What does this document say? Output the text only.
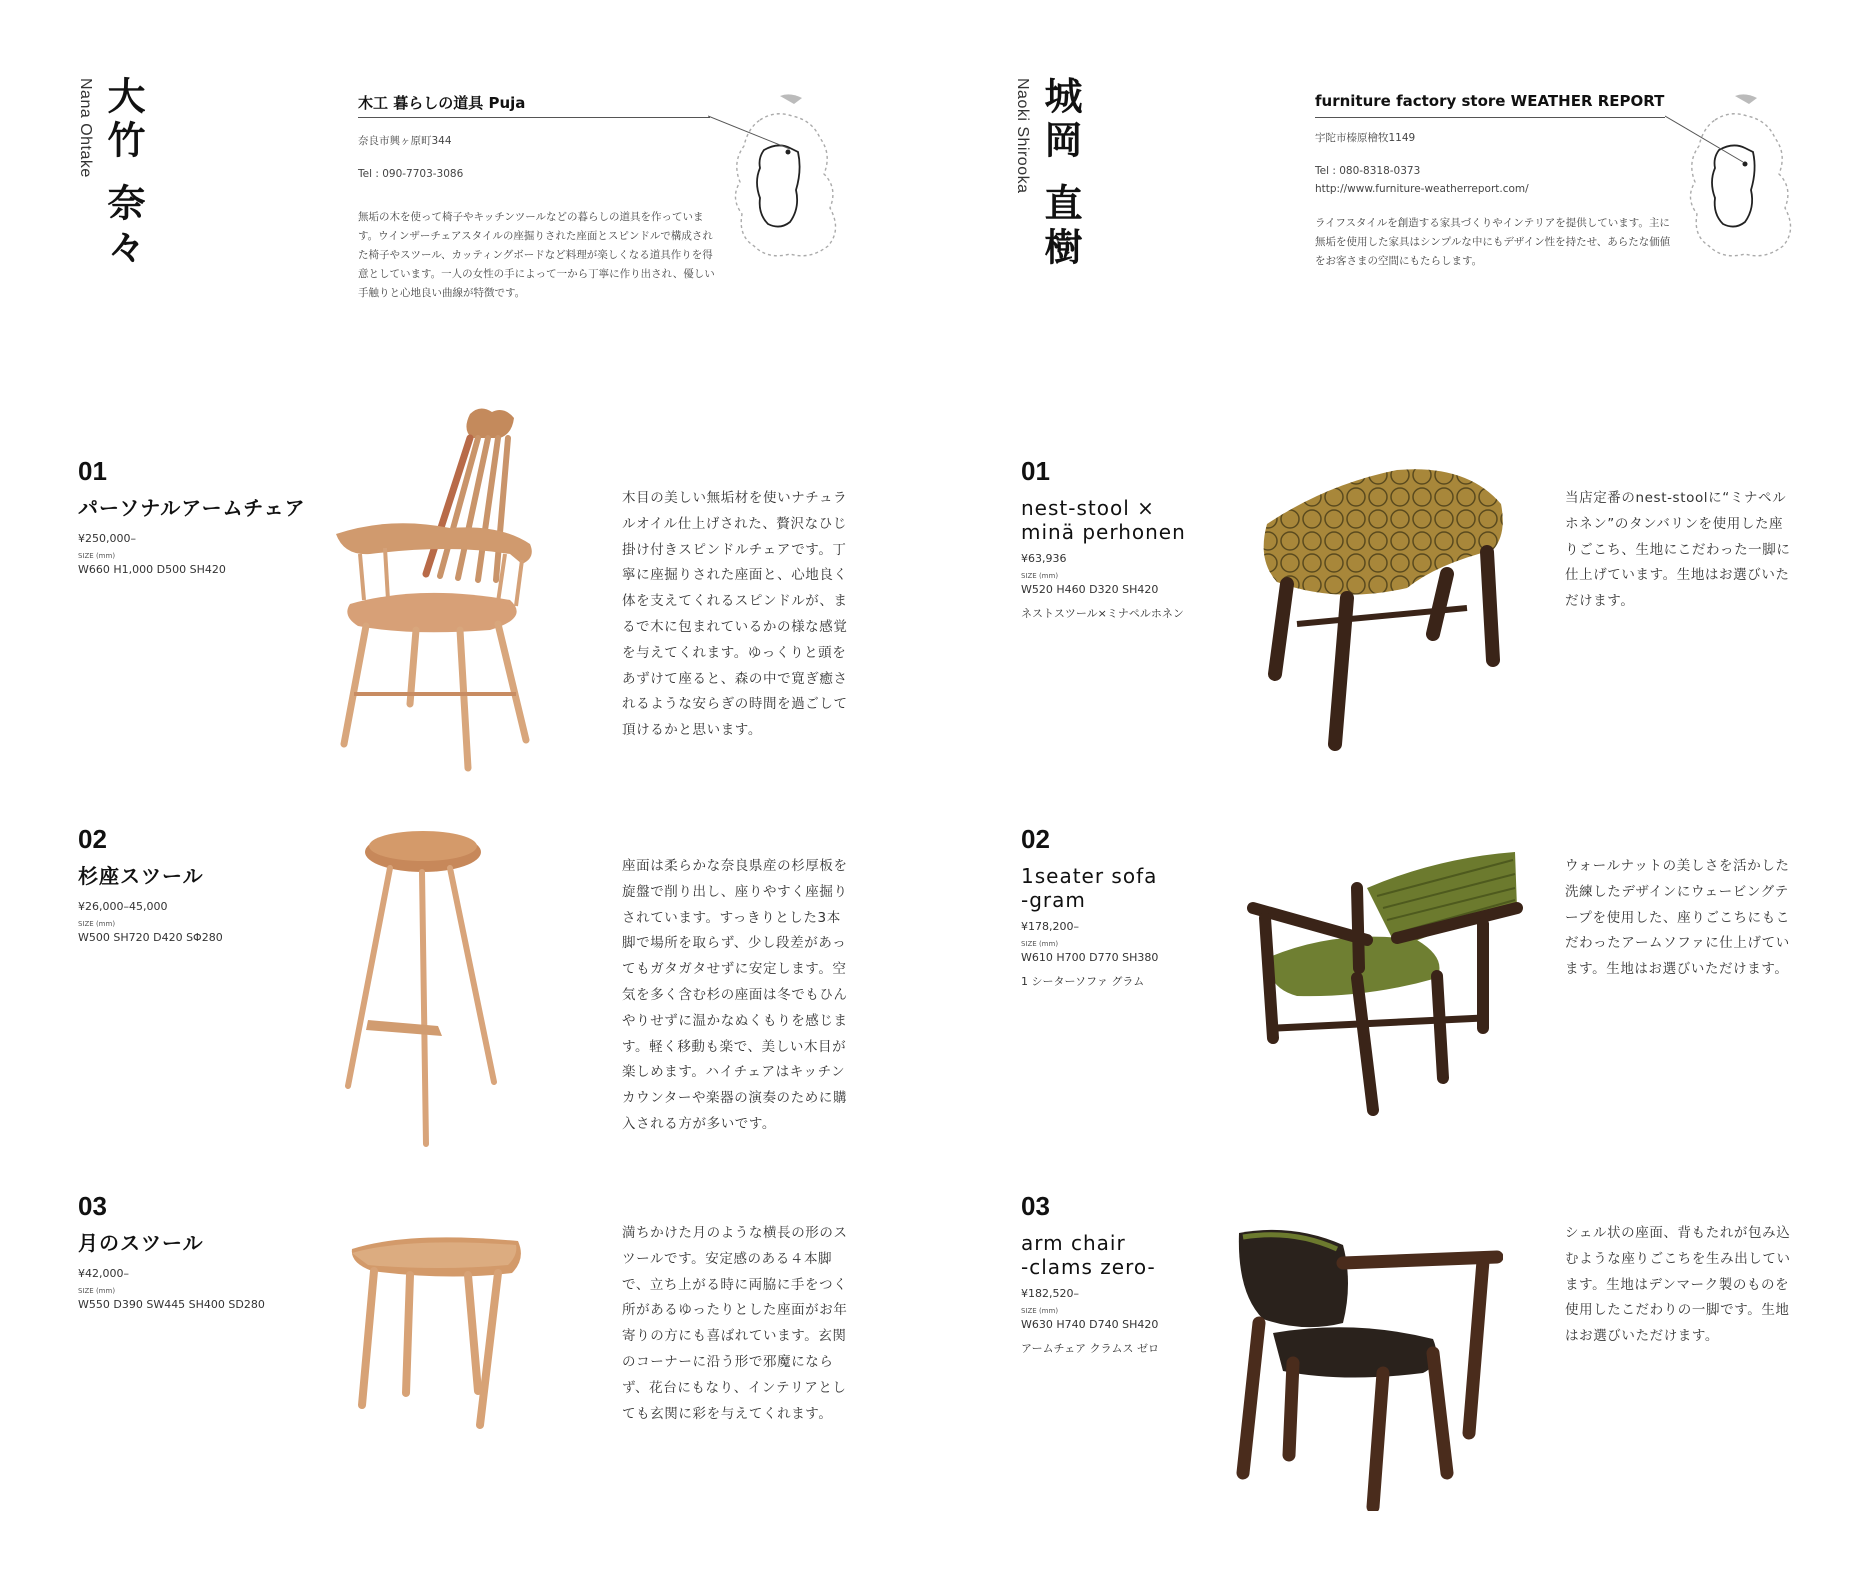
大竹 奈々
Nana Ohtake	木工 暮らしの道具 Puja
奈良市興ヶ原町344
Tel : 090-7703-3086
無垢の木を使って椅子やキッチンツールなどの暮らしの道具を作っています。ウインザーチェアスタイルの座掘りされた座面とスピンドルで構成された椅子やスツール、カッティングボードなど料理が楽しくなる道具作りを得意としています。一人の女性の手によって一から丁寧に作り出され、優しい手触りと心地良い曲線が特徴です。
01
パーソナルアームチェア
¥250,000–
SIZE (mm)
W660 H1,000 D500 SH420
木目の美しい無垢材を使いナチュラルオイル仕上げされた、贅沢なひじ掛け付きスピンドルチェアです。丁寧に座掘りされた座面と、心地良く体を支えてくれるスピンドルが、まるで木に包まれているかの様な感覚を与えてくれます。ゆっくりと頭をあずけて座ると、森の中で寛ぎ癒されるような安らぎの時間を過ごして頂けるかと思います。
02
杉座スツール
¥26,000–45,000
SIZE (mm)
W500 SH720 D420 SΦ280
座面は柔らかな奈良県産の杉厚板を旋盤で削り出し、座りやすく座掘りされています。すっきりとした3本脚で場所を取らず、少し段差があってもガタガタせずに安定します。空気を多く含む杉の座面は冬でもひんやりせずに温かなぬくもりを感じます。軽く移動も楽で、美しい木目が楽しめます。ハイチェアはキッチンカウンターや楽器の演奏のために購入される方が多いです。
03
月のスツール
¥42,000–
SIZE (mm)
W550 D390 SW445 SH400 SD280
満ちかけた月のような横長の形のスツールです。安定感のある４本脚で、立ち上がる時に両脇に手をつく所があるゆったりとした座面がお年寄りの方にも喜ばれています。玄関のコーナーに沿う形で邪魔にならず、花台にもなり、インテリアとしても玄関に彩を与えてくれます。
城岡 直樹
Naoki Shirooka	furniture factory store WEATHER REPORT
宇陀市榛原檜牧1149
Tel : 080-8318-0373
http://www.furniture-weatherreport.com/
ライフスタイルを創造する家具づくりやインテリアを提供しています。主に無垢を使用した家具はシンプルな中にもデザイン性を持たせ、あらたな価値をお客さまの空間にもたらします。
01
nest-stool ×
minä perhonen
¥63,936
SIZE (mm)
W520 H460 D320 SH420
ネストスツール×ミナペルホネン
当店定番のnest-stoolに“ミナペルホネン”のタンバリンを使用した座りごこち、生地にこだわった一脚に仕上げています。生地はお選びいただけます。
02
1seater sofa
-gram
¥178,200–
SIZE (mm)
W610 H700 D770 SH380
1 シーターソファ グラム
ウォールナットの美しさを活かした洗練したデザインにウェービングテープを使用した、座りごこちにもこだわったアームソファに仕上げています。生地はお選びいただけます。
03
arm chair
-clams zero-
¥182,520–
SIZE (mm)
W630 H740 D740 SH420
アームチェア クラムス ゼロ
シェル状の座面、背もたれが包み込むような座りごこちを生み出しています。生地はデンマーク製のものを使用したこだわりの一脚です。生地はお選びいただけます。
